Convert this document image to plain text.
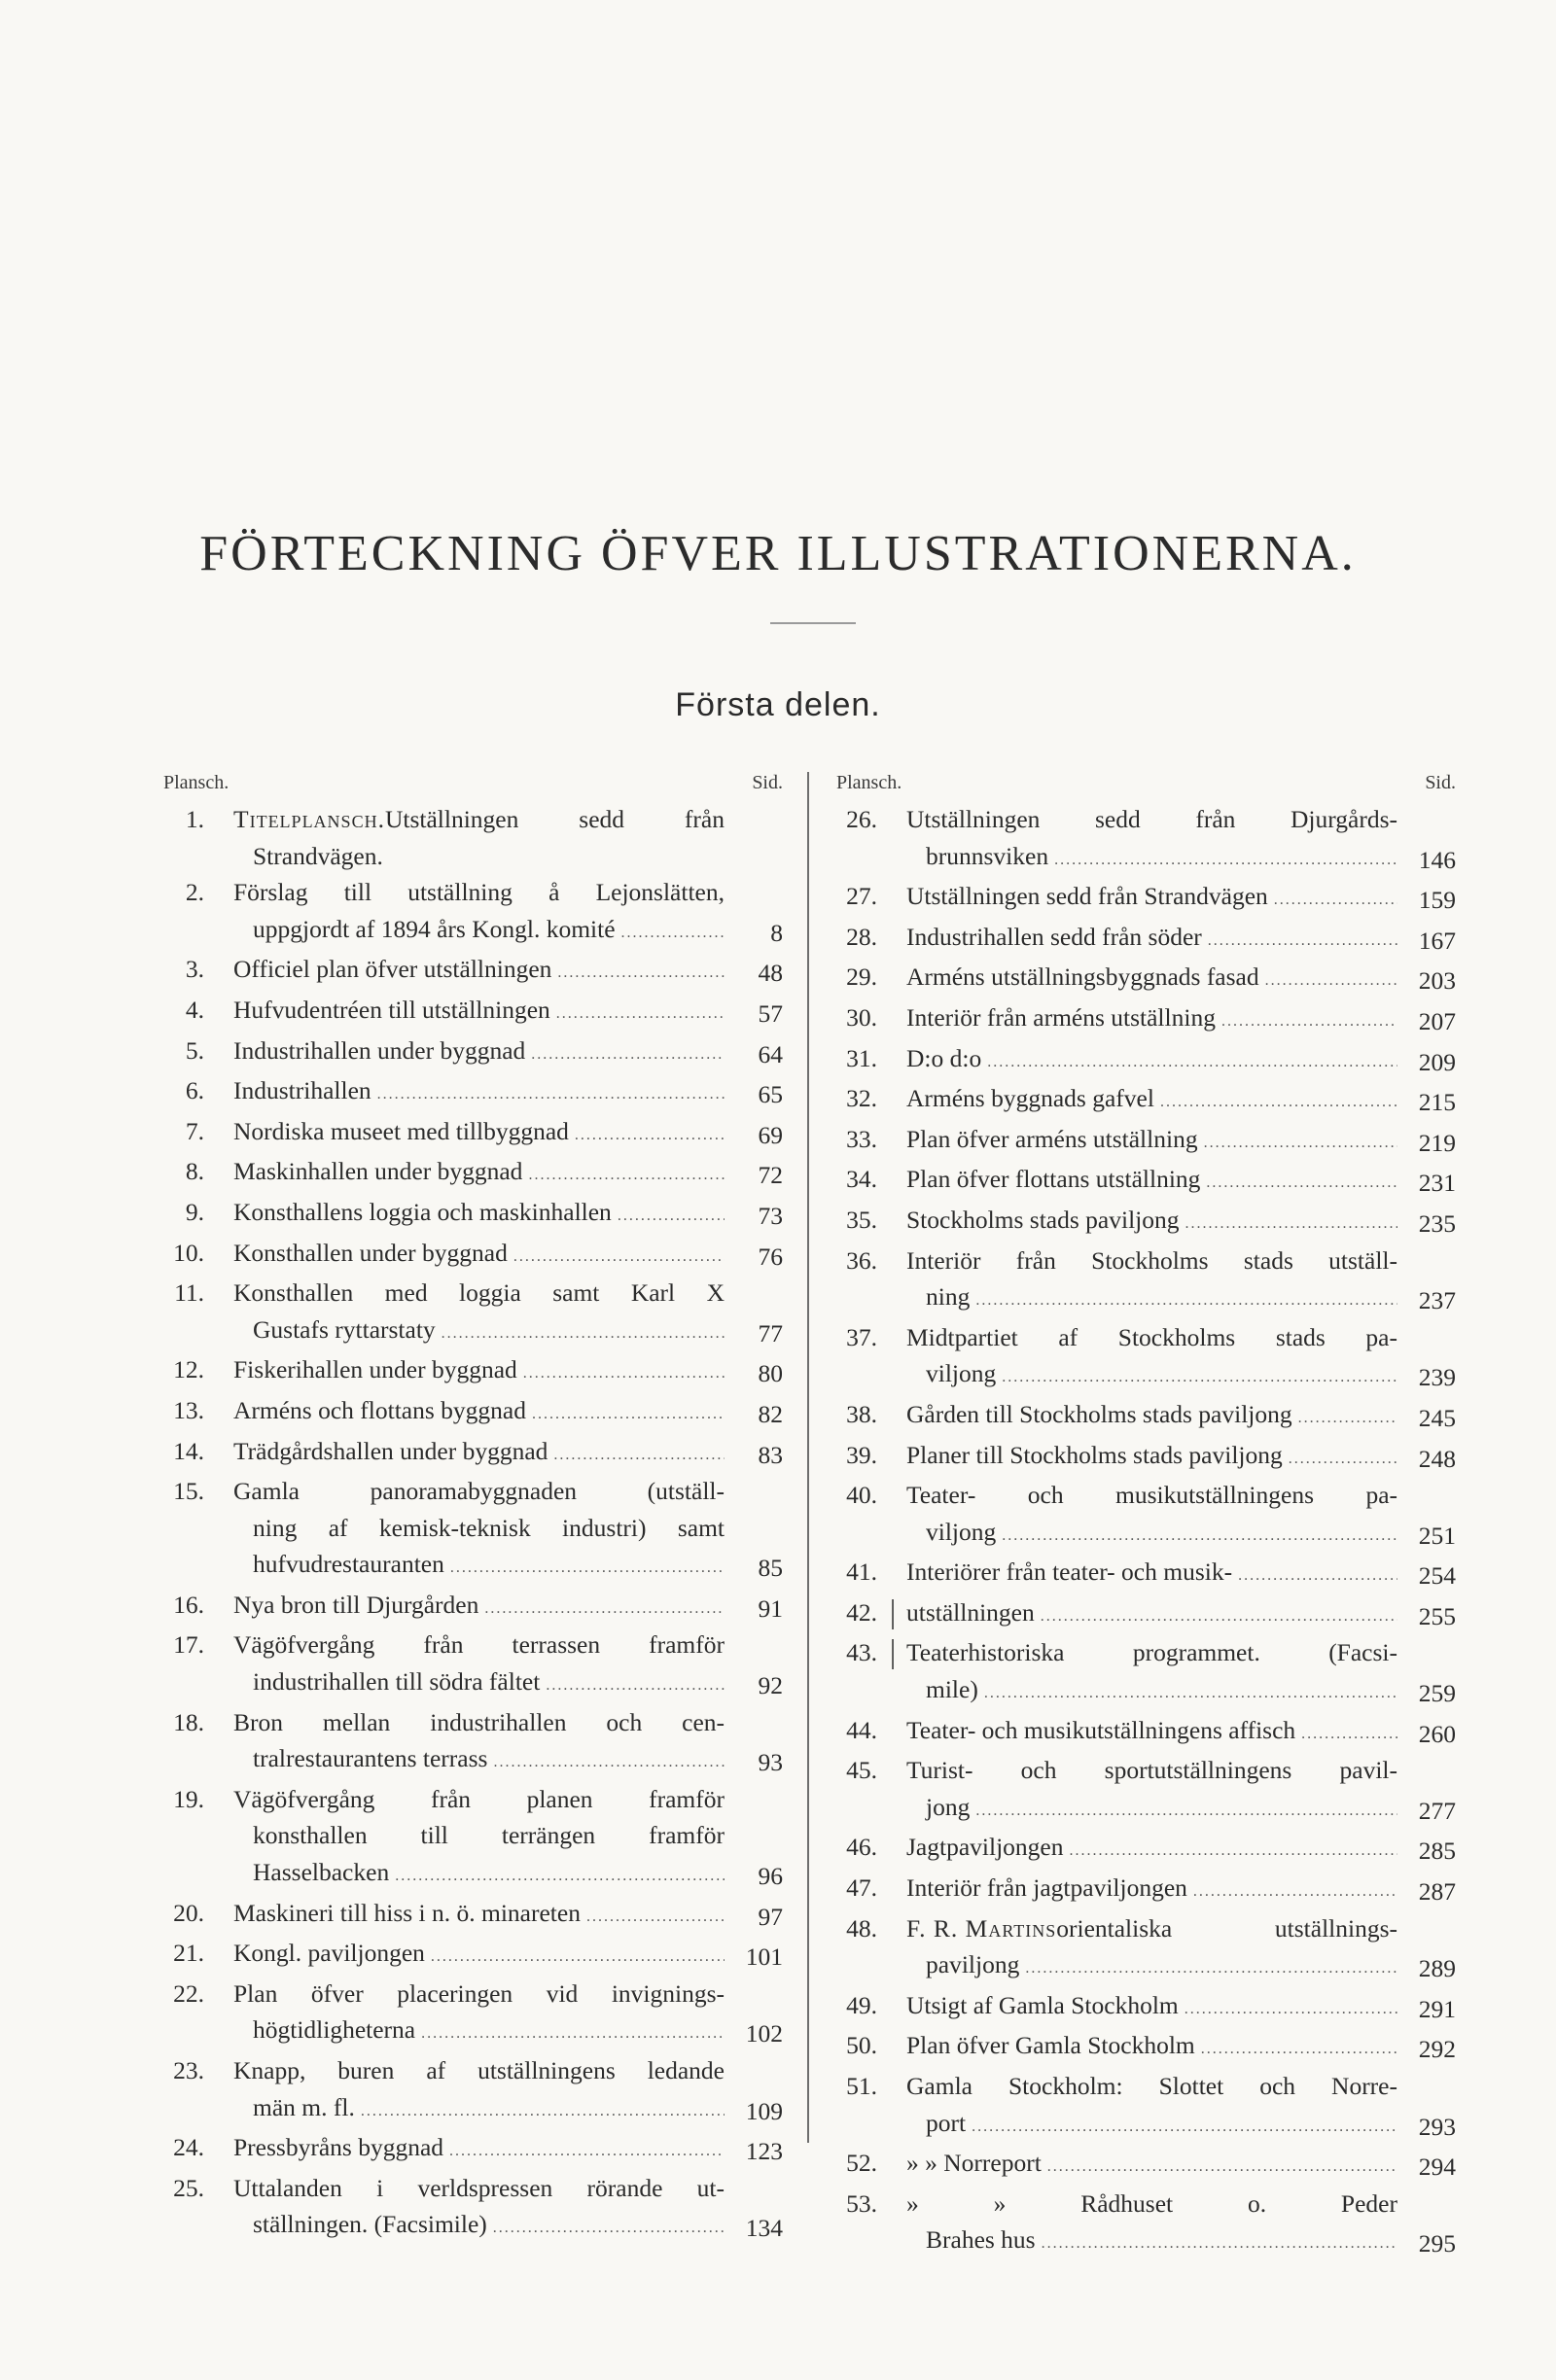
FÖRTECKNING ÖFVER ILLUSTRATIONERNA.
Första delen.
Plansch.	Sid.
1. Titelplansch. Utställningen sedd från
Strandvägen.
2. Förslag till utställning å Lejonslätten,
uppgjordt af 1894 års Kongl. komité .....	8
3. Officiel plan öfver utställningen .....	48
4. Hufvudentréen till utställningen .....	57
5. Industrihallen under byggnad .....	64
6. Industrihallen .....	65
7. Nordiska museet med tillbyggnad .....	69
8. Maskinhallen under byggnad .....	72
9. Konsthallens loggia och maskinhallen .....	73
10. Konsthallen under byggnad .....	76
11. Konsthallen med loggia samt Karl X
Gustafs ryttarstaty .....	77
12. Fiskerihallen under byggnad .....	80
13. Arméns och flottans byggnad .....	82
14. Trädgårdshallen under byggnad .....	83
15. Gamla panoramabyggnaden (utställ-
ning af kemisk-teknisk industri) samt
hufvudrestauranten .....	85
16. Nya bron till Djurgården .....	91
17. Vägöfvergång från terrassen framför
industrihallen till södra fältet .....	92
18. Bron mellan industrihallen och cen-
tralrestaurantens terrass .....	93
19. Vägöfvergång från planen framför
konsthallen till terrängen framför
Hasselbacken .....	96
20. Maskineri till hiss i n. ö. minareten .....	97
21. Kongl. paviljongen .....	101
22. Plan öfver placeringen vid invignings-
högtidligheterna .....	102
23. Knapp, buren af utställningens ledande
män m. fl. .....	109
24. Pressbyråns byggnad .....	123
25. Uttalanden i verldspressen rörande ut-
ställningen. (Facsimile) .....	134
Plansch.	Sid.
26. Utställningen sedd från Djurgårds-
brunnsviken .....	146
27. Utställningen sedd från Strandvägen .....	159
28. Industrihallen sedd från söder .....	167
29. Arméns utställningsbyggnads fasad .....	203
30. Interiör från arméns utställning .....	207
31. D:o d:o .....	209
32. Arméns byggnads gafvel .....	215
33. Plan öfver arméns utställning .....	219
34. Plan öfver flottans utställning .....	231
35. Stockholms stads paviljong .....	235
36. Interiör från Stockholms stads utställ-
ning .....	237
37. Midtpartiet af Stockholms stads pa-
viljong .....	239
38. Gården till Stockholms stads paviljong .....	245
39. Planer till Stockholms stads paviljong .....	248
40. Teater- och musikutställningens pa-
viljong .....	251
41. Interiörer från teater- och musik- .....	254
|
42. utställningen .....	255
|
43. Teaterhistoriska programmet. (Facsi-
mile) .....	259
44. Teater- och musikutställningens affisch .....	260
45. Turist- och sportutställningens pavil-
jong .....	277
46. Jagtpaviljongen .....	285
47. Interiör från jagtpaviljongen .....	287
48. F. R. Martins orientaliska utställnings-
paviljong .....	289
49. Utsigt af Gamla Stockholm .....	291
50. Plan öfver Gamla Stockholm .....	292
51. Gamla Stockholm: Slottet och Norre-
port .....	293
52. » » Norreport .....	294
53. » » Rådhuset o. Peder
Brahes hus .....	295
